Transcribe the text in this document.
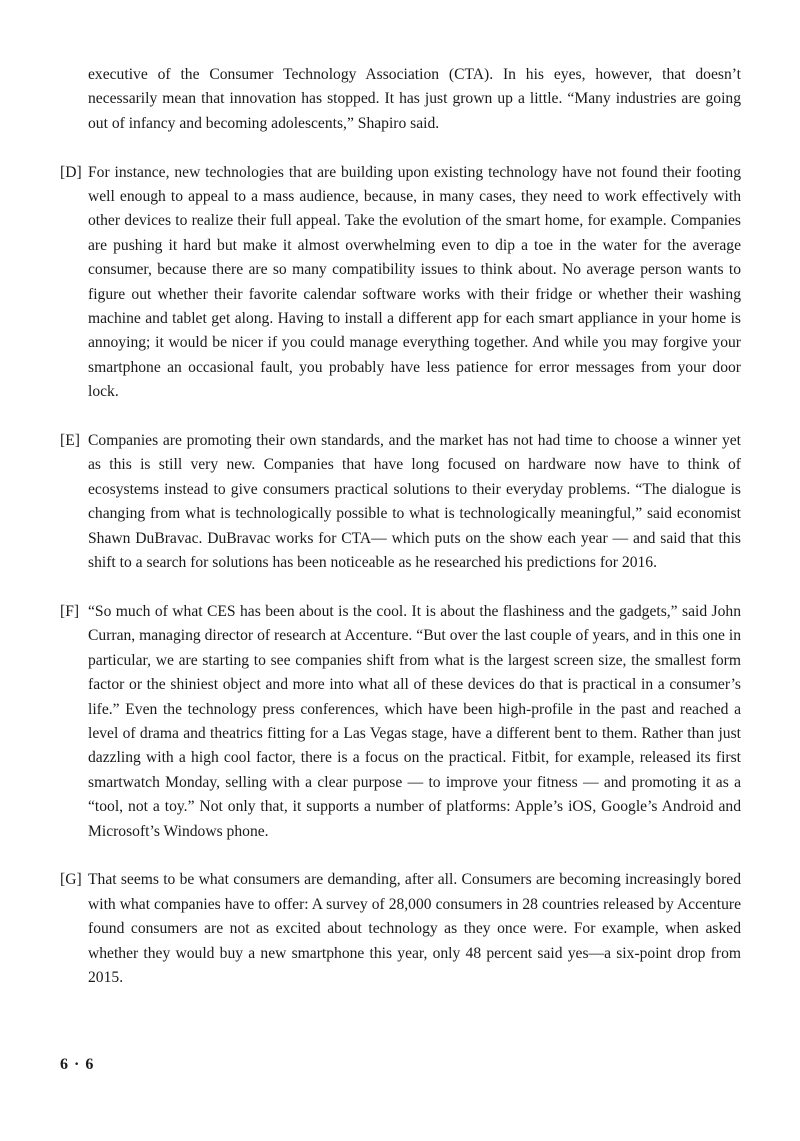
executive of the Consumer Technology Association (CTA). In his eyes, however, that doesn’t necessarily mean that innovation has stopped. It has just grown up a little. “Many industries are going out of infancy and becoming adolescents,” Shapiro said.

[D] For instance, new technologies that are building upon existing technology have not found their footing well enough to appeal to a mass audience, because, in many cases, they need to work effectively with other devices to realize their full appeal. Take the evolution of the smart home, for example. Companies are pushing it hard but make it almost overwhelming even to dip a toe in the water for the average consumer, because there are so many compatibility issues to think about. No average person wants to figure out whether their favorite calendar software works with their fridge or whether their washing machine and tablet get along. Having to install a different app for each smart appliance in your home is annoying; it would be nicer if you could manage everything together. And while you may forgive your smartphone an occasional fault, you probably have less patience for error messages from your door lock.

[E] Companies are promoting their own standards, and the market has not had time to choose a winner yet as this is still very new. Companies that have long focused on hardware now have to think of ecosystems instead to give consumers practical solutions to their everyday problems. “The dialogue is changing from what is technologically possible to what is technologically meaningful,” said economist Shawn DuBravac. DuBravac works for CTA— which puts on the show each year — and said that this shift to a search for solutions has been noticeable as he researched his predictions for 2016.

[F] “So much of what CES has been about is the cool. It is about the flashiness and the gadgets,” said John Curran, managing director of research at Accenture. “But over the last couple of years, and in this one in particular, we are starting to see companies shift from what is the largest screen size, the smallest form factor or the shiniest object and more into what all of these devices do that is practical in a consumer’s life.” Even the technology press conferences, which have been high-profile in the past and reached a level of drama and theatrics fitting for a Las Vegas stage, have a different bent to them. Rather than just dazzling with a high cool factor, there is a focus on the practical. Fitbit, for example, released its first smartwatch Monday, selling with a clear purpose — to improve your fitness — and promoting it as a “tool, not a toy.” Not only that, it supports a number of platforms: Apple’s iOS, Google’s Android and Microsoft’s Windows phone.

[G] That seems to be what consumers are demanding, after all. Consumers are becoming increasingly bored with what companies have to offer: A survey of 28,000 consumers in 28 countries released by Accenture found consumers are not as excited about technology as they once were. For example, when asked whether they would buy a new smartphone this year, only 48 percent said yes—a six-point drop from 2015.

6 · 6
